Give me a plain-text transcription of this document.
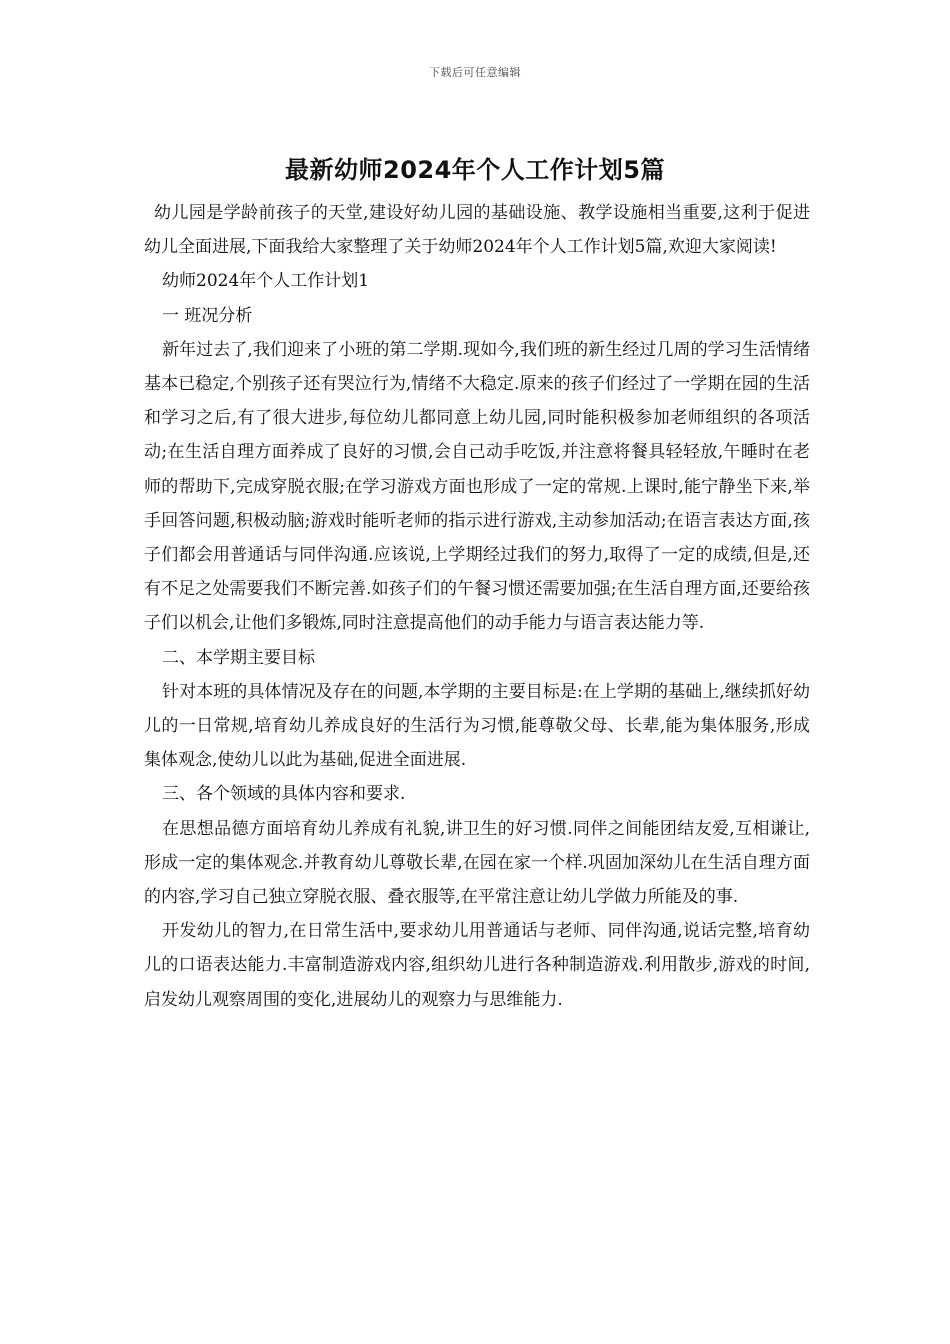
下载后可任意编辑
最新幼师2024年个人工作计划5篇

幼儿园是学龄前孩子的天堂,建设好幼儿园的基础设施、教学设施相当重要,这利于促进幼儿全面进展,下面我给大家整理了关于幼师2024年个人工作计划5篇,欢迎大家阅读!

幼师2024年个人工作计划1

一 班况分析

新年过去了,我们迎来了小班的第二学期.现如今,我们班的新生经过几周的学习生活情绪基本已稳定,个别孩子还有哭泣行为,情绪不大稳定.原来的孩子们经过了一学期在园的生活和学习之后,有了很大进步,每位幼儿都同意上幼儿园,同时能积极参加老师组织的各项活动;在生活自理方面养成了良好的习惯,会自己动手吃饭,并注意将餐具轻轻放,午睡时在老师的帮助下,完成穿脱衣服;在学习游戏方面也形成了一定的常规.上课时,能宁静坐下来,举手回答问题,积极动脑;游戏时能听老师的指示进行游戏,主动参加活动;在语言表达方面,孩子们都会用普通话与同伴沟通.应该说,上学期经过我们的努力,取得了一定的成绩,但是,还有不足之处需要我们不断完善.如孩子们的午餐习惯还需要加强;在生活自理方面,还要给孩子们以机会,让他们多锻炼,同时注意提高他们的动手能力与语言表达能力等.

二、本学期主要目标

针对本班的具体情况及存在的问题,本学期的主要目标是:在上学期的基础上,继续抓好幼儿的一日常规,培育幼儿养成良好的生活行为习惯,能尊敬父母、长辈,能为集体服务,形成集体观念,使幼儿以此为基础,促进全面进展.

三、各个领域的具体内容和要求.

在思想品德方面培育幼儿养成有礼貌,讲卫生的好习惯.同伴之间能团结友爱,互相谦让,形成一定的集体观念.并教育幼儿尊敬长辈,在园在家一个样.巩固加深幼儿在生活自理方面的内容,学习自己独立穿脱衣服、叠衣服等,在平常注意让幼儿学做力所能及的事.

开发幼儿的智力,在日常生活中,要求幼儿用普通话与老师、同伴沟通,说话完整,培育幼儿的口语表达能力.丰富制造游戏内容,组织幼儿进行各种制造游戏.利用散步,游戏的时间,启发幼儿观察周围的变化,进展幼儿的观察力与思维能力.
